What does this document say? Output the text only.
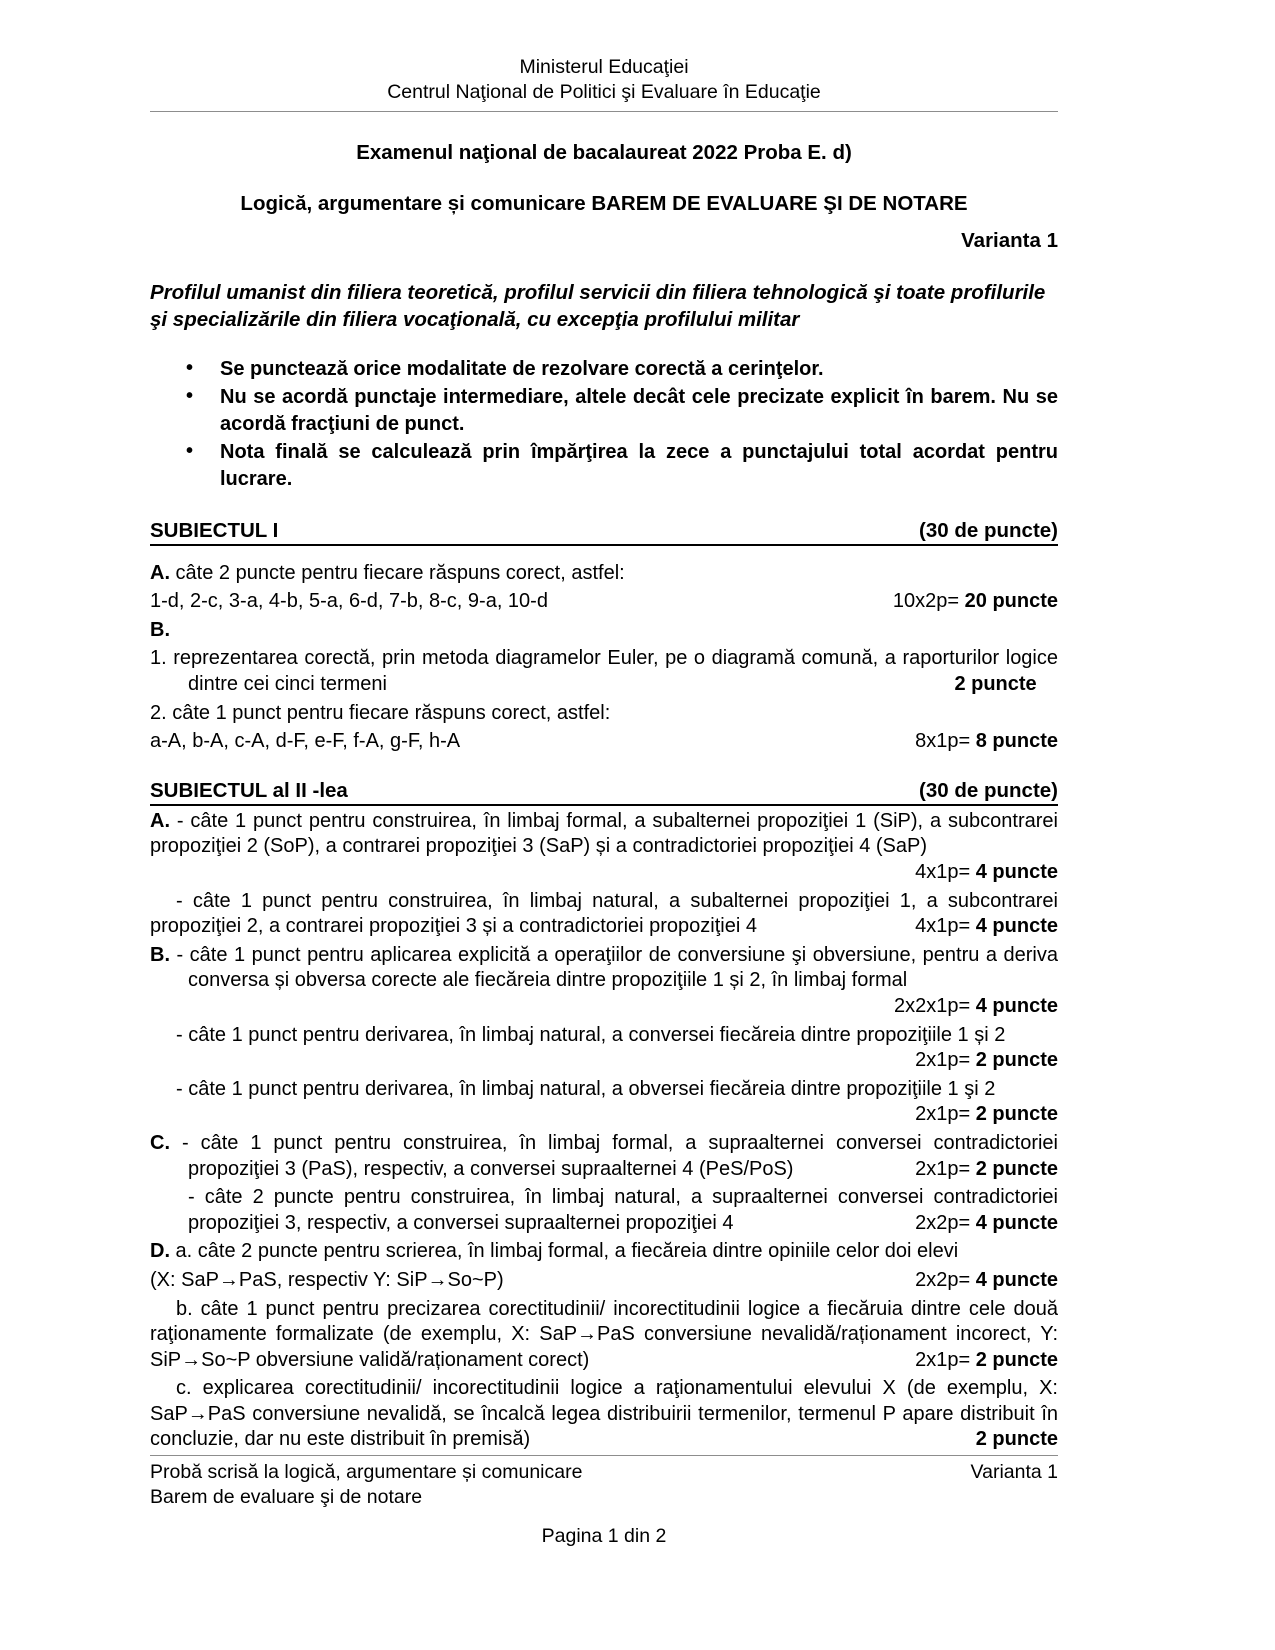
Ministerul Educaţiei
Centrul Naţional de Politici şi Evaluare în Educaţie
Examenul naţional de bacalaureat 2022 Proba E. d)
Logică, argumentare și comunicare BAREM DE EVALUARE ŞI DE NOTARE
Varianta 1
Profilul umanist din filiera teoretică, profilul servicii din filiera tehnologică şi toate profilurile şi specializările din filiera vocaţională, cu excepţia profilului militar
• Se punctează orice modalitate de rezolvare corectă a cerinţelor.
• Nu se acordă punctaje intermediare, altele decât cele precizate explicit în barem. Nu se acordă fracţiuni de punct.
• Nota finală se calculează prin împărţirea la zece a punctajului total acordat pentru lucrare.
SUBIECTUL I	(30 de puncte)
A. câte 2 puncte pentru fiecare răspuns corect, astfel:
1-d, 2-c, 3-a, 4-b, 5-a, 6-d, 7-b, 8-c, 9-a, 10-d	10x2p= 20 puncte
B.
1. reprezentarea corectă, prin metoda diagramelor Euler, pe o diagramă comună, a raporturilor logice dintre cei cinci termeni	2 puncte
2. câte 1 punct pentru fiecare răspuns corect, astfel:
a-A, b-A, c-A, d-F, e-F, f-A, g-F, h-A	8x1p= 8 puncte
SUBIECTUL al II -lea	(30 de puncte)
A. - câte 1 punct pentru construirea, în limbaj formal, a subalternei propoziţiei 1 (SiP), a subcontrarei propoziţiei 2 (SoP), a contrarei propoziţiei 3 (SaP) și a contradictoriei propoziţiei 4 (SaP)
4x1p= 4 puncte
- câte 1 punct pentru construirea, în limbaj natural, a subalternei propoziţiei 1, a subcontrarei propoziţiei 2, a contrarei propoziţiei 3 și a contradictoriei propoziţiei 4	4x1p= 4 puncte
B. - câte 1 punct pentru aplicarea explicită a operaţiilor de conversiune şi obversiune, pentru a deriva conversa și obversa corecte ale fiecăreia dintre propoziţiile 1 și 2, în limbaj formal
2x2x1p= 4 puncte
- câte 1 punct pentru derivarea, în limbaj natural, a conversei fiecăreia dintre propoziţiile 1 și 2
2x1p= 2 puncte
- câte 1 punct pentru derivarea, în limbaj natural, a obversei fiecăreia dintre propoziţiile 1 şi 2
2x1p= 2 puncte
C. - câte 1 punct pentru construirea, în limbaj formal, a supraalternei conversei contradictoriei propoziţiei 3 (PaS), respectiv, a conversei supraalternei 4 (PeS/PoS)	2x1p= 2 puncte
- câte 2 puncte pentru construirea, în limbaj natural, a supraalternei conversei contradictoriei propoziţiei 3, respectiv, a conversei supraalternei propoziţiei 4	2x2p= 4 puncte
D. a. câte 2 puncte pentru scrierea, în limbaj formal, a fiecăreia dintre opiniile celor doi elevi
(X: SaP→PaS, respectiv Y: SiP→So~P)	2x2p= 4 puncte
b. câte 1 punct pentru precizarea corectitudinii/ incorectitudinii logice a fiecăruia dintre cele două raţionamente formalizate (de exemplu, X: SaP→PaS conversiune nevalidă/raționament incorect, Y: SiP→So~P obversiune validă/raționament corect)	2x1p= 2 puncte
c. explicarea corectitudinii/ incorectitudinii logice a raţionamentului elevului X (de exemplu, X: SaP→PaS conversiune nevalidă, se încalcă legea distribuirii termenilor, termenul P apare distribuit în concluzie, dar nu este distribuit în premisă)	2 puncte
Probă scrisă la logică, argumentare și comunicare	Varianta 1
Barem de evaluare şi de notare
Pagina 1 din 2
